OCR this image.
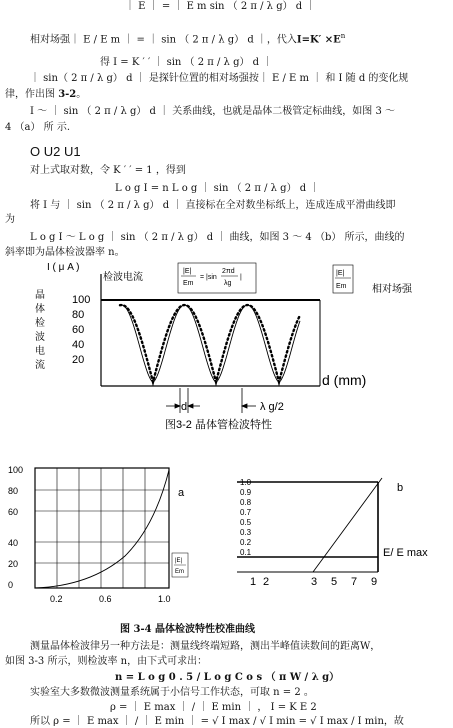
｜ E ｜ = ｜ E m sin （ 2 π / λ g） d ｜
相对场强｜ E / E m ｜ = ｜ sin （ 2 π / λ g） d ｜，代入$I=K' \times E^n$
得 I = K ′ ′ ｜ sin （ 2 π / λ g） d ｜
｜ sin（ 2 π / λ g） d ｜ 是探针位置的相对场强按｜ E / E m ｜ 和 I 随 d 的变化规
律，作出图 3-2。
I ～ ｜ sin （ 2 π / λ g） d ｜ 关系曲线，也就是晶体二极管定标曲线，如图 3 ～
4 （a） 所 示.
O U2 U1
对上式取对数，令 K ′ ′ = 1 ，得到
L o g I = n L o g ｜ sin （ 2 π / λ g） d ｜
将 I 与 ｜ sin （ 2 π / λ g） d ｜ 直接标在全对数坐标纸上，连成连成平滑曲线即
为
L o g I ～ L o g ｜ sin （ 2 π / λ g） d ｜ 曲线，如图 3 ～ 4 （b） 所示，曲线的
斜率即为晶体检波器率 n。
I ( μ A )
检波电流
|E|
Em
= |sin
2πd
λg
|
|E|
Em	相对场强
晶
体
检
波
电
流
100
80
60
40
20
d (mm)
d	λ g/2
图3-2 晶体管检波特性
100
80
60
40
20
0
a
0.2	0.6	1.0
|E|
Em
1.0
0.9
0.8
0.7
0.5
0.3
0.2
0.1
b
E/ E max
1 2	3 5 7 9
图 3-4 晶体检波特性校准曲线
测量晶体检波律另一种方法是：测量线终端短路，测出半峰值读数间的距离W，
如图 3-3 所示，则检波率 n，由下式可求出：
n = L o g 0 . 5 / L o g C o s （ π W / λ g）
实验室大多数微波测量系统属于小信号工作状态，可取 n = 2 。
ρ = ｜ E max ｜ / ｜ E min ｜ ， I = K E 2
所以 ρ = ｜ E max ｜ / ｜ E min ｜ = √ I max / √ I min = √ I max / I min，故
